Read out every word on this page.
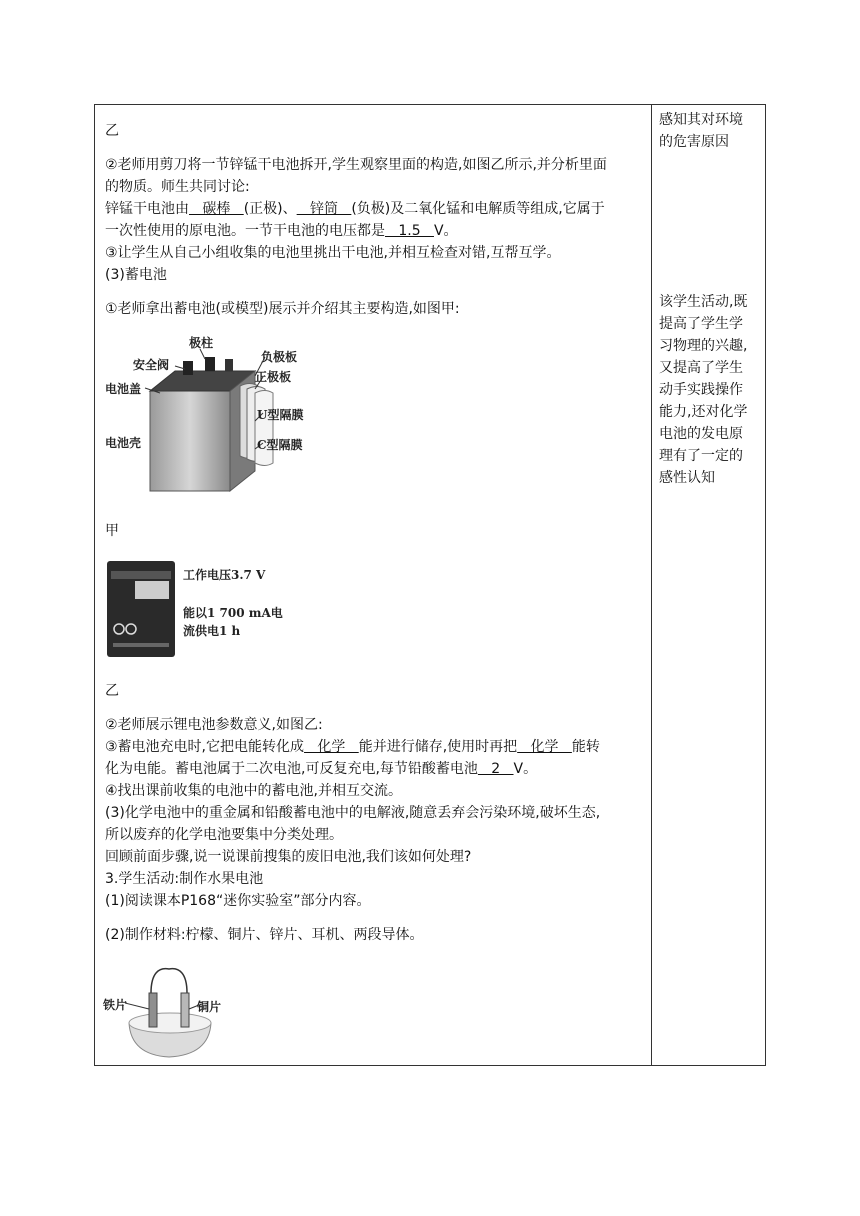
乙
②老师用剪刀将一节锌锰干电池拆开,学生观察里面的构造,如图乙所示,并分析里面
的物质。师生共同讨论:
锌锰干电池由   碳棒   (正极)、   锌筒   (负极)及二氧化锰和电解质等组成,它属于
一次性使用的原电池。一节干电池的电压都是   1.5   V。
③让学生从自己小组收集的电池里挑出干电池,并相互检查对错,互帮互学。
(3)蓄电池
①老师拿出蓄电池(或模型)展示并介绍其主要构造,如图甲:
极柱
安全阀
负极板
正极板
电池盖
U型隔膜
电池壳	C型隔膜
甲
工作电压3.7 V
能以1 700 mA电
流供电1 h
乙
②老师展示锂电池参数意义,如图乙:
③蓄电池充电时,它把电能转化成   化学   能并进行储存,使用时再把   化学   能转
化为电能。蓄电池属于二次电池,可反复充电,每节铅酸蓄电池   2   V。
④找出课前收集的电池中的蓄电池,并相互交流。
(3)化学电池中的重金属和铅酸蓄电池中的电解液,随意丢弃会污染环境,破坏生态,
所以废弃的化学电池要集中分类处理。
回顾前面步骤,说一说课前搜集的废旧电池,我们该如何处理?
3.学生活动:制作水果电池
(1)阅读课本P168“迷你实验室”部分内容。
(2)制作材料:柠檬、铜片、锌片、耳机、两段导体。
铁片	铜片
感知其对环境
的危害原因
该学生活动,既
提高了学生学
习物理的兴趣,
又提高了学生
动手实践操作
能力,还对化学
电池的发电原
理有了一定的
感性认知
